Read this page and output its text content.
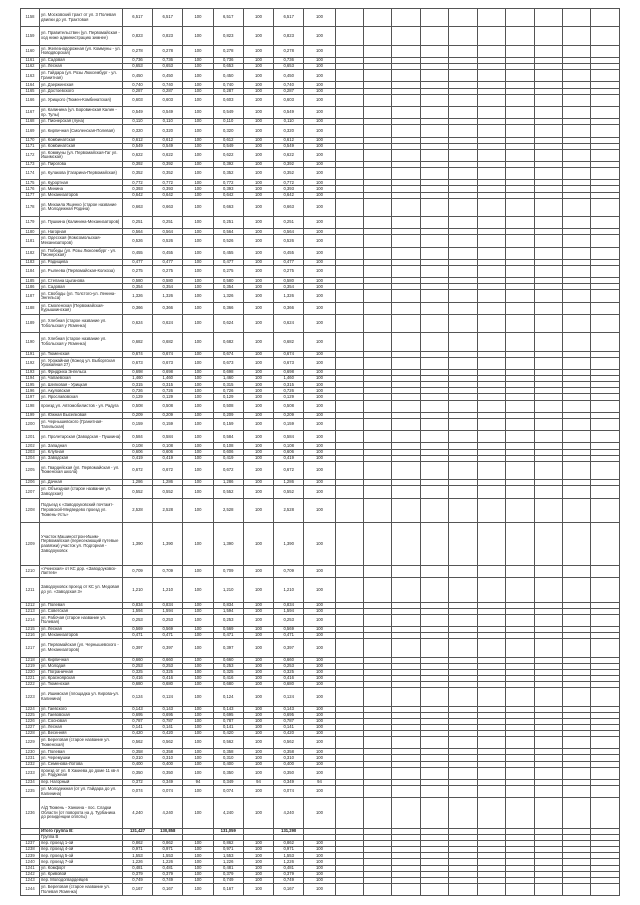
1158	ул. Московский тракт от ул. 3 Полевая двилки до ул. Трактовая	6,517	6,517	100	6,517	100	6,517	100										
1159	ул. Правительствен (ул. Первомайская - ход ниже администрацию зимнее)	0,823	0,823	100	0,823	100	0,823	100										
1160	ул. Железнодорожная (ул. Коммуны - ул. Новодворская)	0,278	0,278	100	0,278	100	0,278	100										
1161	ул. Садовая	0,736	0,736	100	0,736	100	0,736	100										
1162	ул. Лесная	0,653	0,653	100	0,653	100	0,653	100										
1163	ул. Гайдара (ул. Розы Люксембург - ул. Гранитная)	0,450	0,450	100	0,450	100	0,450	100										
1164	ул. Дзержинская	0,740	0,740	100	0,740	100	0,740	100										
1165	ул. Достоевского	0,287	0,287	100	0,287	100	0,287	100										
1166	ул. Урицкого (Тюмен-Комбинатская)	0,603	0,603	100	0,603	100	0,603	100										
1167	ул. Калинина (ул. Боровинская Калин - пр. Тулы)	0,549	0,549	100	0,549	100	0,549	100										
1168	ул. Пионерская (луна)	0,110	0,110	100	0,110	100	0,110	100										
1169	ул. Кирпичная (Смоленская-Полевая)	0,320	0,320	100	0,320	100	0,320	100										
1170	ул. Комбинатская	0,612	0,612	100	0,612	100	0,612	100										
1171	ул. Комбинатская	0,549	0,549	100	0,549	100	0,549	100										
1172	ул. Коммуны (ул. Первомайская-Гаг ул. Ишимская)	0,622	0,622	100	0,622	100	0,622	100										
1173	ул. Пирогова	0,392	0,392	100	0,392	100	0,392	100										
1174	ул. Кулакова (Гагарина-Первомайская)	0,352	0,352	100	0,352	100	0,352	100										
1175	ул. Курортная	0,772	0,772	100	0,772	100	0,772	100										
1176	ул. Минина	0,393	0,393	100	0,393	100	0,393	100										
1177	ул. Механизаторов	0,642	0,642	100	0,642	100	0,642	100										
1178	ул. Михаила Ященко (старое название ул. Молодежная Родина)	0,663	0,663	100	0,663	100	0,663	100										
1179	ул. Пушкина (Калинина-Механизаторов)	0,251	0,251	100	0,251	100	0,251	100										
1180	ул. Нагорная	0,564	0,564	100	0,564	100	0,564	100										
1181	ул. Одесская (Комсомольская-Механизаторов)	0,526	0,526	100	0,526	100	0,526	100										
1182	ул. Победы (ул. Розы Люксембург - ул. Пионерская)	0,455	0,455	100	0,455	100	0,455	100										
1183	ул. Радищева	0,477	0,477	100	0,477	100	0,477	100										
1184	ул. Рылеева (Первомайская-Колхоза)	0,275	0,275	100	0,275	100	0,275	100										
1185	ул. Степана Цыганова	0,580	0,580	100	0,580	100	0,580	100										
1186	ул. Садовая	0,354	0,354	100	0,354	100	0,354	100										
1187	ул. Свободы (ул. Толстого-ул. Ленина-Энгельса)	1,326	1,326	100	1,326	100	1,326	100										
1188	ул. Смоленская (Первомайская-Курышкинская)	0,366	0,366	100	0,366	100	0,366	100										
1189	ул. Хлебная (старое название ул. Тобольская у Ясменка)	0,624	0,624	100	0,624	100	0,624	100										
1190	ул. Хлебная (старое название ул. Тобольская у Ясменка)	0,682	0,682	100	0,682	100	0,682	100										
1191	ул. Тюменская	0,674	0,674	100	0,674	100	0,674	100										
1192	ул. Урожайная (Кожед ул. Выборгская Урожайная 27)	0,673	0,673	100	0,673	100	0,673	100										
1193	ул. Фридриха Энгельса	0,698	0,698	100	0,698	100	0,698	100										
1194	ул. Чапаевская	1,460	1,460	100	1,460	100	1,460	100										
1195	ул. Шелковая - Урицкая	0,315	0,315	100	0,315	100	0,315	100										
1196	ул. Акуловская	0,726	0,726	100	0,726	100	0,726	100										
1197	ул. Ярославовская	0,129	0,129	100	0,129	100	0,129	100										
1198	проезд ул. Автомобилистов - ул. Радуга	0,508	0,508	100	0,508	100	0,508	100										
1199	ул. Южная Выселковая	0,209	0,209	100	0,209	100	0,209	100										
1200	ул. Чернышевского (Гранитная-Тагильская)	0,159	0,159	100	0,159	100	0,159	100										
1201	ул. Пролетарская (Заводская - Пушкина)	0,584	0,584	100	0,584	100	0,584	100										
1202	ул. Западная	0,108	0,108	100	0,108	100	0,108	100										
1203	ул. Клубная	0,606	0,606	100	0,606	100	0,606	100										
1204	ул. Заводская	0,419	0,419	100	0,419	100	0,419	100										
1205	ул. Гвардейская (ул. Первомайская - ул. Тюменская школа)	0,672	0,672	100	0,672	100	0,672	100										
1206	ул. Дачная	1,286	1,286	100	1,286	100	1,286	100										
1207	ул. Объездная (старое название ул. Заводская)	0,552	0,552	100	0,552	100	0,552	100										
1208	Подъезд к «Заводоуковский почтамт-Перовской-Медведево проезд ул. Тюмень-Усть»	2,528	2,528	100	2,528	100	2,528	100										
1209	Участок Машинострои-Ишим-Первомайская (пересекающий путевые развязки) участок ул. Подгорная - Заводоуковск	1,390	1,390	100	1,390	100	1,390	100										
1210	«Учинская» от КС дор. «Заводоуковск-Лаптев»	0,709	0,709	100	0,709	100	0,709	100										
1211	Заводоуковск проезд от КС ул. Медовая до ул. «Заводская 3»	1,210	1,210	100	1,210	100	1,210	100										
1212	ул. Полевая	0,834	0,834	100	0,834	100	0,834	100										
1213	ул. Советская	1,594	1,594	100	1,594	100	1,594	100										
1214	ул. Рабочая (старое название ул. Полевая)	0,253	0,253	100	0,253	100	0,253	100										
1215	ул. Лесная	0,569	0,569	100	0,569	100	0,569	100										
1216	ул. Механизаторов	0,471	0,471	100	0,471	100	0,471	100										
1217	ул. Первомайская (ул. Чернышевского - ул. Механизаторов)	0,397	0,397	100	0,397	100	0,397	100										
1218	ул. Кирпичная	0,660	0,660	100	0,660	100	0,660	100										
1219	ул. Молодая	0,253	0,253	100	0,253	100	0,253	100										
1220	ул. Пограничная	0,325	0,325	100	0,325	100	0,325	100										
1221	ул. Красноярская	0,416	0,416	100	0,416	100	0,416	100										
1222	ул. Тюменская	0,680	0,680	100	0,680	100	0,680	100										
1223	ул. Ишимская (площадка ул. Кирова-ул. Калинина)	0,124	0,124	100	0,124	100	0,124	100										
1224	ул. Гаевского	0,143	0,143	100	0,143	100	0,143	100										
1225	ул. Гаевовская	0,695	0,695	100	0,695	100	0,695	100										
1226	ул. Сосновая	0,787	0,787	100	0,787	100	0,787	100										
1227	ул. Лесная	0,141	0,141	100	0,141	100	0,141	100										
1228	ул. Весенняя	0,420	0,420	100	0,420	100	0,420	100										
1229	ул. Береговая (старое название ул. Тюменская)	0,562	0,562	100	0,562	100	0,562	100										
1230	ул. Полевая	0,358	0,358	100	0,358	100	0,358	100										
1231	ул. Черемушки	0,310	0,310	100	0,310	100	0,310	100										
1232	ул. Семенова-Лотова	0,400	0,400	100	0,400	100	0,400	100										
1233	проезд от ул. 8 Хакиева до доме 11 кв-л ул. Радужная	0,350	0,350	100	0,350	100	0,350	100										
1234	пер. Нагорный	0,372	0,349	94	0,349	94	0,349	94										
1235	ул. Молодежная (от ул. Гайдара до ул. Калинина)	0,074	0,074	100	0,074	100	0,074	100										
1236	А/Д Тюмень - Ханкина - пос. Сладки Области (от поворота на д. Турбаника до резиденции оплоты)	4,240	4,240	100	4,240	100	4,240	100										
	Итого группа В:	131,427	130,858		131,059		131,290											
	Группа В																	
1237	пер. проезд 1-ой	0,862	0,862	100	0,862	100	0,862	100										
1238	пер. проезд 4-ой	0,971	0,971	100	0,971	100	0,971	100										
1239	пер. проезд 5-ой	1,553	1,553	100	1,553	100	1,553	100										
1240	пер. проезд 7-ой	1,226	1,226	100	1,226	100	1,226	100										
1241	ул. Комфорт	0,481	0,481	100	0,481	100	0,481	100										
1242	ул. Кривовой	0,379	0,379	100	0,379	100	0,379	100										
1243	пер. Молодогвардейцев	0,749	0,749	100	0,749	100	0,749	100										
1244	ул. Береговая (старое название ул. Полевая Ясменка)	0,167	0,167	100	0,167	100	0,167	100										
